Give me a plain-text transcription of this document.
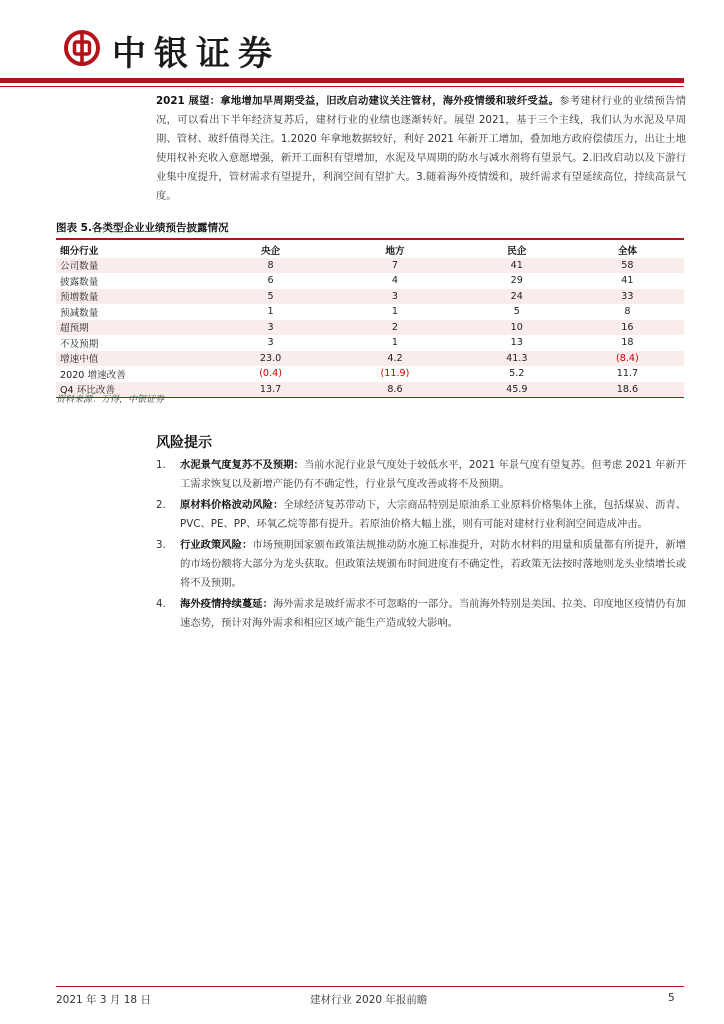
中银证券
2021 展望：拿地增加早周期受益，旧改启动建议关注管材，海外疫情缓和玻纤受益。参考建材行业的业绩预告情况，可以看出下半年经济复苏后，建材行业的业绩也逐渐转好。展望 2021，基于三个主线，我们认为水泥及早周期、管材、玻纤值得关注。1.2020 年拿地数据较好，利好 2021 年新开工增加，叠加地方政府偿债压力，出让土地使用权补充收入意愿增强，新开工面积有望增加，水泥及早周期的防水与减水剂将有望景气。2.旧改启动以及下游行业集中度提升，管材需求有望提升，利润空间有望扩大。3.随着海外疫情缓和，玻纤需求有望延续高位，持续高景气度。
图表 5.各类型企业业绩预告披露情况
细分行业	央企	地方	民企	全体
公司数量	8	7	41	58
披露数量	6	4	29	41
预增数量	5	3	24	33
预减数量	1	1	5	8
超预期	3	2	10	16
不及预期	3	1	13	18
增速中值	23.0	4.2	41.3	(8.4)
2020 增速改善	(0.4)	(11.9)	5.2	11.7
Q4 环比改善	13.7	8.6	45.9	18.6
资料来源：万得，中银证券
风险提示
1. 水泥景气度复苏不及预期：当前水泥行业景气度处于较低水平，2021 年景气度有望复苏。但考虑 2021 年新开工需求恢复以及新增产能仍有不确定性，行业景气度改善或将不及预期。
2. 原材料价格波动风险：全球经济复苏带动下，大宗商品特别是原油系工业原料价格集体上涨，包括煤炭、沥青、PVC、PE、PP、环氧乙烷等都有提升。若原油价格大幅上涨，则有可能对建材行业利润空间造成冲击。
3. 行业政策风险：市场预期国家颁布政策法规推动防水施工标准提升，对防水材料的用量和质量都有所提升，新增的市场份额将大部分为龙头获取。但政策法规颁布时间进度有不确定性，若政策无法按时落地则龙头业绩增长或将不及预期。
4. 海外疫情持续蔓延：海外需求是玻纤需求不可忽略的一部分。当前海外特别是美国、拉美、印度地区疫情仍有加速态势，预计对海外需求和相应区域产能生产造成较大影响。
2021 年 3 月 18 日	建材行业 2020 年报前瞻	5
